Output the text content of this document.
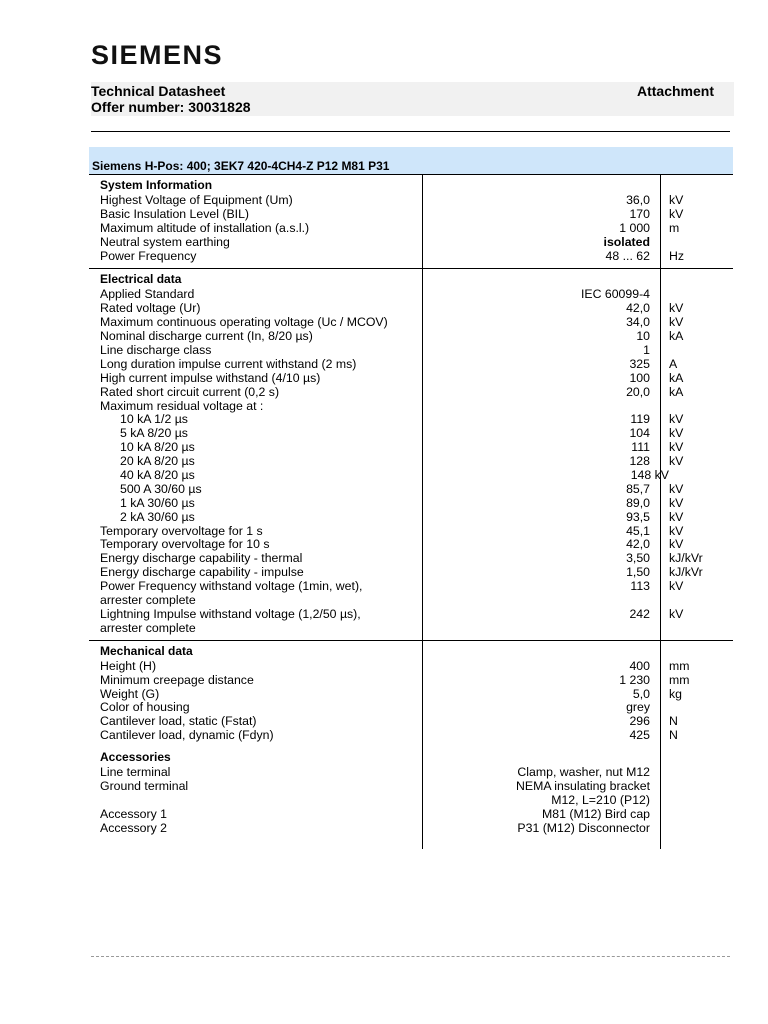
SIEMENS
Technical Datasheet
Offer number: 30031828
Attachment
Siemens H-Pos: 400; 3EK7 420-4CH4-Z P12 M81 P31
System Information
Highest Voltage of Equipment (Um)	36,0 kV
Basic Insulation Level (BIL)	170 kV
Maximum altitude of installation (a.s.l.)	1 000 m
Neutral system earthing	isolated
Power Frequency	48 ... 62 Hz
Electrical data
Applied Standard	IEC 60099-4
Rated voltage (Ur)	42,0 kV
Maximum continuous operating voltage (Uc / MCOV)	34,0 kV
Nominal discharge current (In, 8/20 µs)	10 kA
Line discharge class	1
Long duration impulse current withstand (2 ms)	325 A
High current impulse withstand (4/10 µs)	100 kA
Rated short circuit current (0,2 s)	20,0 kA
Maximum residual voltage at :
10 kA 1/2 µs	119 kV
5 kA 8/20 µs	104 kV
10 kA 8/20 µs	111 kV
20 kA 8/20 µs	128 kV
40 kA 8/20 µs	148 kV
500 A 30/60 µs	85,7 kV
1 kA 30/60 µs	89,0 kV
2 kA 30/60 µs	93,5 kV
Temporary overvoltage for 1 s	45,1 kV
Temporary overvoltage for 10 s	42,0 kV
Energy discharge capability - thermal	3,50 kJ/kVr
Energy discharge capability - impulse	1,50 kJ/kVr
Power Frequency withstand voltage (1min, wet),
arrester complete
113 kV
Lightning Impulse withstand voltage (1,2/50 µs),
arrester complete
242 kV
Mechanical data
Height (H)	400 mm
Minimum creepage distance	1 230 mm
Weight (G)	5,0 kg
Color of housing	grey
Cantilever load, static (Fstat)	296 N
Cantilever load, dynamic (Fdyn)	425 N
Accessories
Line terminal	Clamp, washer, nut M12
Ground terminal	NEMA insulating bracket
M12, L=210 (P12)
Accessory 1	M81 (M12) Bird cap
Accessory 2	P31 (M12) Disconnector
